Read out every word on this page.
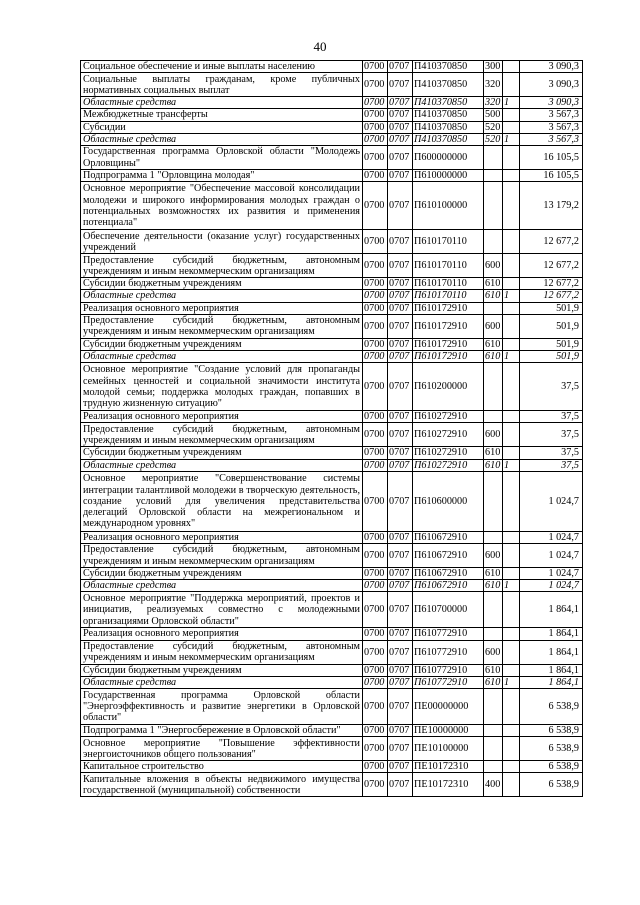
40
Социальное обеспечение и иные выплаты населению	0700	0707	П410370850	300		3 090,3
Социальные выплаты гражданам, кроме публичных нормативных социальных выплат	0700	0707	П410370850	320		3 090,3
Областные средства	0700	0707	П410370850	320	1	3 090,3
Межбюджетные трансферты	0700	0707	П410370850	500		3 567,3
Субсидии	0700	0707	П410370850	520		3 567,3
Областные средства	0700	0707	П410370850	520	1	3 567,3
Государственная программа Орловской области "Молодежь Орловщины"	0700	0707	П600000000			16 105,5
Подпрограмма 1 "Орловщина молодая"	0700	0707	П610000000			16 105,5
Основное мероприятие "Обеспечение массовой консолидации молодежи и широкого информирования молодых граждан о потенциальных возможностях их развития и применения потенциала"	0700	0707	П610100000			13 179,2
Обеспечение деятельности (оказание услуг) государственных учреждений	0700	0707	П610170110			12 677,2
Предоставление субсидий бюджетным, автономным учреждениям и иным некоммерческим организациям	0700	0707	П610170110	600		12 677,2
Субсидии бюджетным учреждениям	0700	0707	П610170110	610		12 677,2
Областные средства	0700	0707	П610170110	610	1	12 677,2
Реализация основного мероприятия	0700	0707	П610172910			501,9
Предоставление субсидий бюджетным, автономным учреждениям и иным некоммерческим организациям	0700	0707	П610172910	600		501,9
Субсидии бюджетным учреждениям	0700	0707	П610172910	610		501,9
Областные средства	0700	0707	П610172910	610	1	501,9
Основное мероприятие "Создание условий для пропаганды семейных ценностей и социальной значимости института молодой семьи; поддержка молодых граждан, попавших в трудную жизненную ситуацию"	0700	0707	П610200000			37,5
Реализация основного мероприятия	0700	0707	П610272910			37,5
Предоставление субсидий бюджетным, автономным учреждениям и иным некоммерческим организациям	0700	0707	П610272910	600		37,5
Субсидии бюджетным учреждениям	0700	0707	П610272910	610		37,5
Областные средства	0700	0707	П610272910	610	1	37,5
Основное мероприятие "Совершенствование системы интеграции талантливой молодежи в творческую деятельность, создание условий для увеличения представительства делегаций Орловской области на межрегиональном и международном уровнях"	0700	0707	П610600000			1 024,7
Реализация основного мероприятия	0700	0707	П610672910			1 024,7
Предоставление субсидий бюджетным, автономным учреждениям и иным некоммерческим организациям	0700	0707	П610672910	600		1 024,7
Субсидии бюджетным учреждениям	0700	0707	П610672910	610		1 024,7
Областные средства	0700	0707	П610672910	610	1	1 024,7
Основное мероприятие "Поддержка мероприятий, проектов и инициатив, реализуемых совместно с молодежными организациями Орловской области"	0700	0707	П610700000			1 864,1
Реализация основного мероприятия	0700	0707	П610772910			1 864,1
Предоставление субсидий бюджетным, автономным учреждениям и иным некоммерческим организациям	0700	0707	П610772910	600		1 864,1
Субсидии бюджетным учреждениям	0700	0707	П610772910	610		1 864,1
Областные средства	0700	0707	П610772910	610	1	1 864,1
Государственная программа Орловской области "Энергоэффективность и развитие энергетики в Орловской области"	0700	0707	ПЕ00000000			6 538,9
Подпрограмма 1 "Энергосбережение в Орловской области"	0700	0707	ПЕ10000000			6 538,9
Основное мероприятие "Повышение эффективности энергоисточников общего пользования"	0700	0707	ПЕ10100000			6 538,9
Капитальное строительство	0700	0707	ПЕ10172310			6 538,9
Капитальные вложения в объекты недвижимого имущества государственной (муниципальной) собственности	0700	0707	ПЕ10172310	400		6 538,9
